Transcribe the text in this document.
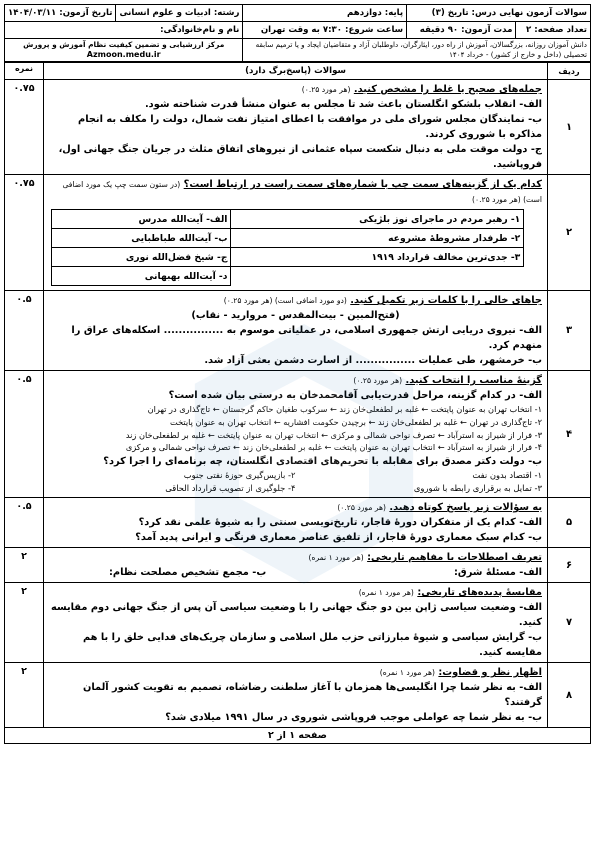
سوالات آزمون نهایی درس: تاریخ (۳)		پایه: دوازدهم	رشته: ادبیات و علوم انسانی	تاریخ آزمون: ۱۴۰۴/۰۳/۱۱
تعداد صفحه: ۲	مدت آزمون: ۹۰ دقیقه	ساعت شروع: ۷:۳۰ به وقت تهران	نام و نام‌خانوادگی:	
دانش آموزان روزانه، بزرگسالان، آموزش از راه دور، ایثارگران، داوطلبان آزاد و متقاضیان ایجاد و یا ترمیم سابقه تحصیلی (داخل و خارج از کشور) - خرداد ۱۴۰۴			مرکز ارزشیابی و تضمین کیفیت نظام آموزش و پرورش
Azmoon.medu.ir	
ردیف	سوالات (پاسخ‌برگ دارد)	نمره
۱	جمله‌های صحیح یا غلط را مشخص کنید. (هر مورد ۰.۲۵)
الف- انقلاب بلشکو انگلستان باعث شد تا مجلس به عنوان منشأ قدرت شناخته شود.
ب- نمایندگان مجلس شورای ملی در موافقت با اعطای امتیاز نفت شمال، دولت را مکلف به انجام مذاکره با شوروی کردند.
ج- دولت موقت ملی به دنبال شکست سپاه عثمانی از نیروهای اتفاق مثلث در جریان جنگ جهانی اول، فروپاشید.
	۰.۷۵
۲	کدام یک از گزینه‌های سمت چپ با شماره‌های سمت راست در ارتباط است؟ (در ستون سمت چپ یک مورد اضافی است) (هر مورد ۰.۲۵)
۱- رهبر مردم در ماجرای نوز بلژیکی	الف- آیت‌الله مدرس
۲- طرفدار مشروطهٔ مشروعه	ب- آیت‌الله طباطبایی
۳- جدی‌ترین مخالف قرارداد ۱۹۱۹	ج- شیخ فضل‌الله نوری
	د- آیت‌الله بهبهانی
	۰.۷۵
۳	جاهای خالی را با کلمات زیر تکمیل کنید. (دو مورد اضافی است) (هر مورد ۰.۲۵)
(فتح‌المبین - بیت‌المقدس - مروارید - نقاب)
الف- نیروی دریایی ارتش جمهوری اسلامی، در عملیاتی موسوم به ................ اسکله‌های عراق را منهدم کرد.
ب- خرمشهر، طی عملیات ................ از اسارت دشمن بعثی آزاد شد.
	۰.۵
۴	گزینهٔ مناسب را انتخاب کنید. (هر مورد ۰.۲۵)
الف- در کدام گزینه، مراحل قدرت‌یابی آقامحمدخان به درستی بیان شده است؟
۱- انتخاب تهران به عنوان پایتخت ← غلبه بر لطفعلی‌خان زند ← سرکوب طغیان حاکم گرجستان ← تاج‌گذاری در تهران
۲- تاج‌گذاری در تهران ← غلبه بر لطفعلی‌خان زند ← برچیدن حکومت افشاریه ← انتخاب تهران به عنوان پایتخت
۳- فرار از شیراز به استرآباد ← تصرف نواحی شمالی و مرکزی ← انتخاب تهران به عنوان پایتخت ← غلبه بر لطفعلی‌خان زند
۴- فرار از شیراز به استرآباد ← انتخاب تهران به عنوان پایتخت ← غلبه بر لطفعلی‌خان زند ← تصرف نواحی شمالی و مرکزی
ب- دولت دکتر مصدق برای مقابله با تحریم‌های اقتصادی انگلستان، چه برنامه‌ای را اجرا کرد؟
۱- اقتصاد بدون نفت
۲- بازپس‌گیری حوزهٔ نفتی جنوب
۳- تمایل به برقراری رابطه با شوروی
۴- جلوگیری از تصویب قرارداد الحاقی
	۰.۵
۵	به سؤالات زیر پاسخ کوتاه دهید. (هر مورد ۰.۲۵)
الف- کدام یک از متفکران دورهٔ قاجار، تاریخ‌نویسی سنتی را به شیوهٔ علمی نقد کرد؟
ب- کدام سبک معماری دورهٔ قاجار، از تلفیق عناصر معماری فرنگی و ایرانی پدید آمد؟
	۰.۵
۶	تعریف اصطلاحات یا مفاهیم تاریخی: (هر مورد ۱ نمره)
الف- مسئلهٔ شرق:
ب- مجمع تشخیص مصلحت نظام:
	۲
۷	مقایسهٔ پدیده‌های تاریخی: (هر مورد ۱ نمره)
الف- وضعیت سیاسی ژاپن بین دو جنگ جهانی را با وضعیت سیاسی آن پس از جنگ جهانی دوم مقایسه کنید.
ب- گرایش سیاسی و شیوهٔ مبارزاتی حزب ملل اسلامی و سازمان چریک‌های فدایی خلق را با هم مقایسه کنید.
	۲
۸	اظهار نظر و قضاوت: (هر مورد ۱ نمره)
الف- به نظر شما چرا انگلیسی‌ها همزمان با آغاز سلطنت رضاشاه، تصمیم به تقویت کشور آلمان گرفتند؟
ب- به نظر شما چه عواملی موجب فروپاشی شوروی در سال ۱۹۹۱ میلادی شد؟
	۲
صفحه ۱ از ۲
